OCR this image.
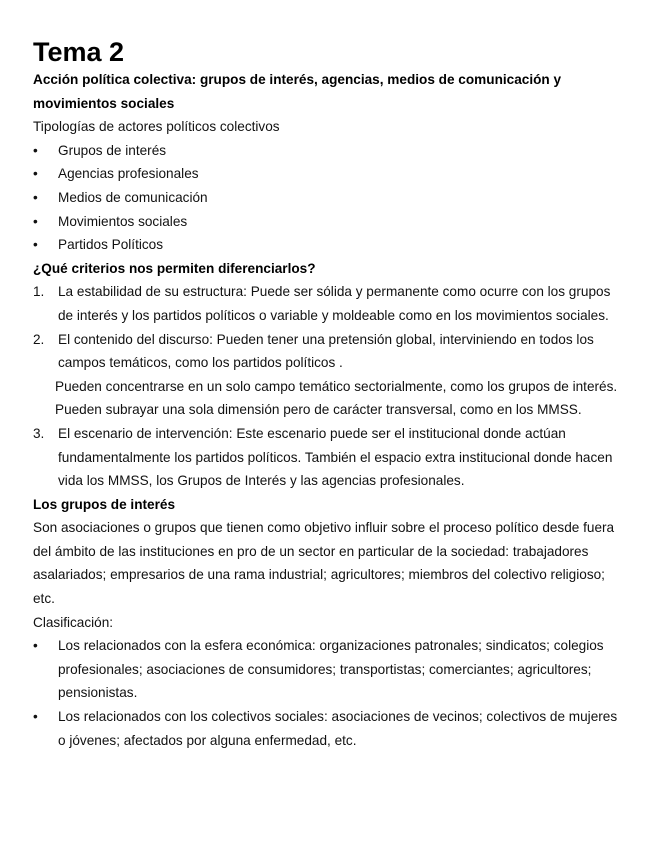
Tema 2

Acción política colectiva: grupos de interés, agencias, medios de comunicación y movimientos sociales

Tipologías de actores políticos colectivos

• Grupos de interés
• Agencias profesionales
• Medios de comunicación
• Movimientos sociales
• Partidos Políticos

¿Qué criterios nos permiten diferenciarlos?

1. La estabilidad de su estructura: Puede ser sólida y permanente como ocurre con los grupos de interés y los partidos políticos o variable y moldeable como en los movimientos sociales.
2. El contenido del discurso: Pueden tener una pretensión global, interviniendo en todos los campos temáticos, como los partidos políticos .

Pueden concentrarse en un solo campo temático sectorialmente, como los grupos de interés.

Pueden subrayar una sola dimensión pero de carácter transversal, como en los MMSS.

3. El escenario de intervención: Este escenario puede ser el institucional donde actúan fundamentalmente los partidos políticos. También el espacio extra institucional donde hacen vida los MMSS, los Grupos de Interés y las agencias profesionales.

Los grupos de interés

Son asociaciones o grupos que tienen como objetivo influir sobre el proceso político desde fuera del ámbito de las instituciones en pro de un sector en particular de la sociedad: trabajadores asalariados; empresarios de una rama industrial; agricultores; miembros del colectivo religioso; etc.

Clasificación:

• Los relacionados con la esfera económica: organizaciones patronales; sindicatos; colegios profesionales; asociaciones de consumidores; transportistas; comerciantes; agricultores; pensionistas.
• Los relacionados con los colectivos sociales: asociaciones de vecinos; colectivos de mujeres o jóvenes; afectados por alguna enfermedad, etc.
